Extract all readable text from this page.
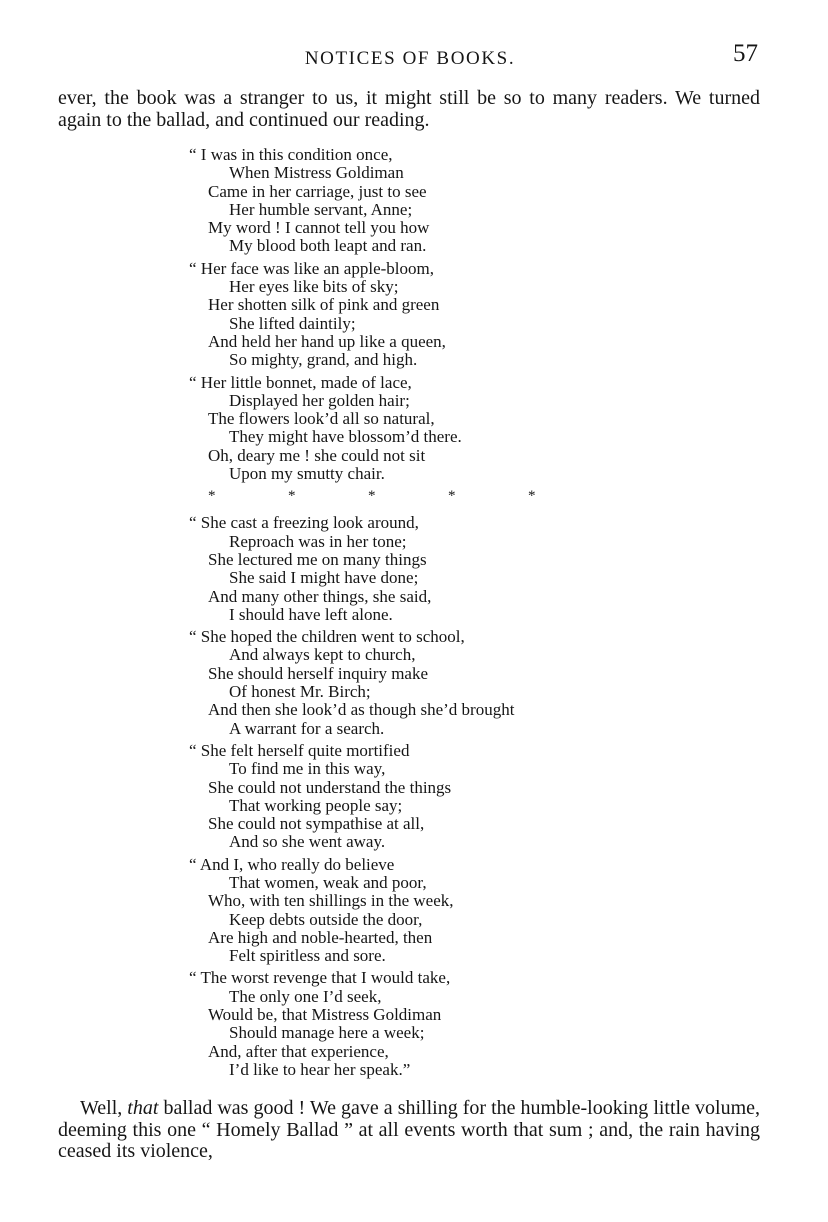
NOTICES OF BOOKS.	57

ever, the book was a stranger to us, it might still be so to many readers. We turned again to the ballad, and continued our reading.

“ I was in this condition once,
When Mistress Goldiman
Came in her carriage, just to see
Her humble servant, Anne;
My word ! I cannot tell you how
My blood both leapt and ran.
“ Her face was like an apple-bloom,
Her eyes like bits of sky;
Her shotten silk of pink and green
She lifted daintily;
And held her hand up like a queen,
So mighty, grand, and high.
“ Her little bonnet, made of lace,
Displayed her golden hair;
The flowers look’d all so natural,
They might have blossom’d there.
Oh, deary me ! she could not sit
Upon my smutty chair.
*	*	*	*	*
“ She cast a freezing look around,
Reproach was in her tone;
She lectured me on many things
She said I might have done;
And many other things, she said,
I should have left alone.
“ She hoped the children went to school,
And always kept to church,
She should herself inquiry make
Of honest Mr. Birch;
And then she look’d as though she’d brought
A warrant for a search.
“ She felt herself quite mortified
To find me in this way,
She could not understand the things
That working people say;
She could not sympathise at all,
And so she went away.
“ And I, who really do believe
That women, weak and poor,
Who, with ten shillings in the week,
Keep debts outside the door,
Are high and noble-hearted, then
Felt spiritless and sore.
“ The worst revenge that I would take,
The only one I’d seek,
Would be, that Mistress Goldiman
Should manage here a week;
And, after that experience,
I’d like to hear her speak.”

Well, that ballad was good ! We gave a shilling for the humble-looking little volume, deeming this one “ Homely Ballad ” at all events worth that sum ; and, the rain having ceased its violence,
